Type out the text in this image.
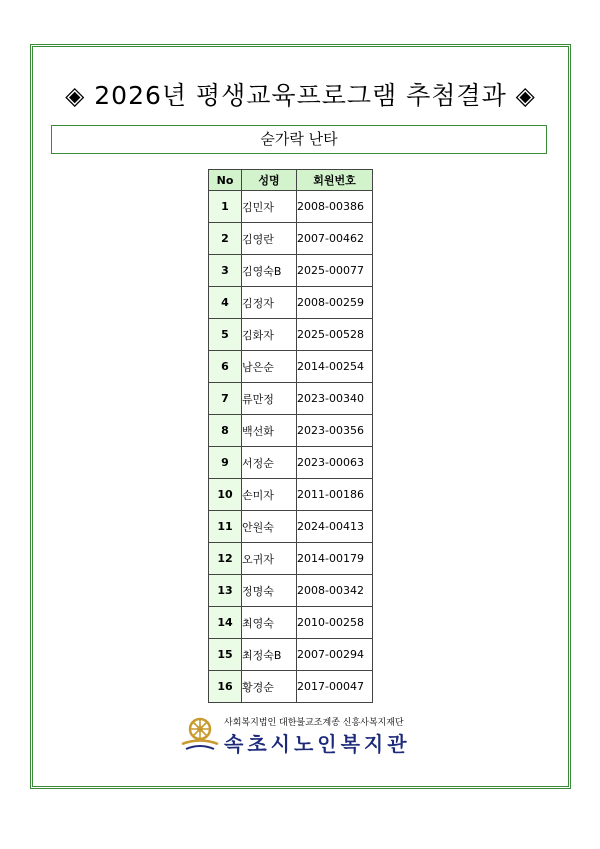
◈ 2026년 평생교육프로그램 추첨결과 ◈
숟가락 난타
No	성명	회원번호
1	김민자	2008-00386
2	김영란	2007-00462
3	김영숙B	2025-00077
4	김정자	2008-00259
5	김화자	2025-00528
6	남은순	2014-00254
7	류만정	2023-00340
8	백선화	2023-00356
9	서정순	2023-00063
10	손미자	2011-00186
11	안원숙	2024-00413
12	오귀자	2014-00179
13	정명숙	2008-00342
14	최영숙	2010-00258
15	최정숙B	2007-00294
16	황경순	2017-00047
사회복지법인 대한불교조계종 신흥사복지재단
속초시노인복지관
